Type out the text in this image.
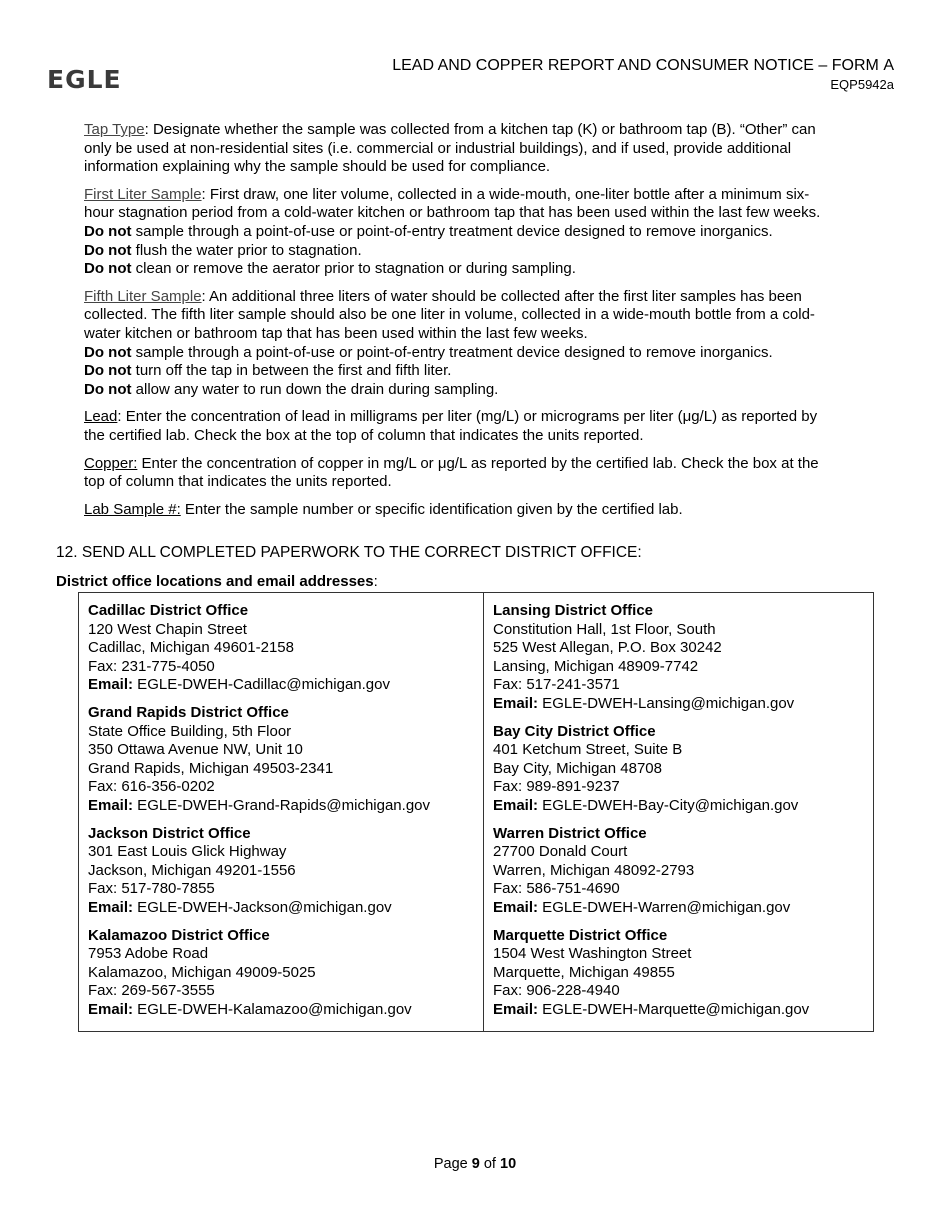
EGLE	LEAD AND COPPER REPORT AND CONSUMER NOTICE – FORM A
EQP5942a
Tap Type: Designate whether the sample was collected from a kitchen tap (K) or bathroom tap (B). “Other” can
only be used at non-residential sites (i.e. commercial or industrial buildings), and if used, provide additional
information explaining why the sample should be used for compliance.
First Liter Sample: First draw, one liter volume, collected in a wide-mouth, one-liter bottle after a minimum six-
hour stagnation period from a cold-water kitchen or bathroom tap that has been used within the last few weeks.
Do not sample through a point-of-use or point-of-entry treatment device designed to remove inorganics.
Do not flush the water prior to stagnation.
Do not clean or remove the aerator prior to stagnation or during sampling.
Fifth Liter Sample: An additional three liters of water should be collected after the first liter samples has been
collected. The fifth liter sample should also be one liter in volume, collected in a wide-mouth bottle from a cold-
water kitchen or bathroom tap that has been used within the last few weeks.
Do not sample through a point-of-use or point-of-entry treatment device designed to remove inorganics.
Do not turn off the tap in between the first and fifth liter.
Do not allow any water to run down the drain during sampling.
Lead: Enter the concentration of lead in milligrams per liter (mg/L) or micrograms per liter (μg/L) as reported by
the certified lab. Check the box at the top of column that indicates the units reported.
Copper: Enter the concentration of copper in mg/L or μg/L as reported by the certified lab. Check the box at the
top of column that indicates the units reported.
Lab Sample #: Enter the sample number or specific identification given by the certified lab.
12. SEND ALL COMPLETED PAPERWORK TO THE CORRECT DISTRICT OFFICE:
District office locations and email addresses:
Cadillac District Office
120 West Chapin Street
Cadillac, Michigan 49601-2158
Fax: 231-775-4050
Email: EGLE-DWEH-Cadillac@michigan.gov
Grand Rapids District Office
State Office Building, 5th Floor
350 Ottawa Avenue NW, Unit 10
Grand Rapids, Michigan 49503-2341
Fax: 616-356-0202
Email: EGLE-DWEH-Grand-Rapids@michigan.gov
Jackson District Office
301 East Louis Glick Highway
Jackson, Michigan 49201-1556
Fax: 517-780-7855
Email: EGLE-DWEH-Jackson@michigan.gov
Kalamazoo District Office
7953 Adobe Road
Kalamazoo, Michigan 49009-5025
Fax: 269-567-3555
Email: EGLE-DWEH-Kalamazoo@michigan.gov
Lansing District Office
Constitution Hall, 1st Floor, South
525 West Allegan, P.O. Box 30242
Lansing, Michigan 48909-7742
Fax: 517-241-3571
Email: EGLE-DWEH-Lansing@michigan.gov
Bay City District Office
401 Ketchum Street, Suite B
Bay City, Michigan 48708
Fax: 989-891-9237
Email: EGLE-DWEH-Bay-City@michigan.gov
Warren District Office
27700 Donald Court
Warren, Michigan 48092-2793
Fax: 586-751-4690
Email: EGLE-DWEH-Warren@michigan.gov
Marquette District Office
1504 West Washington Street
Marquette, Michigan 49855
Fax: 906-228-4940
Email: EGLE-DWEH-Marquette@michigan.gov
Page 9 of 10
